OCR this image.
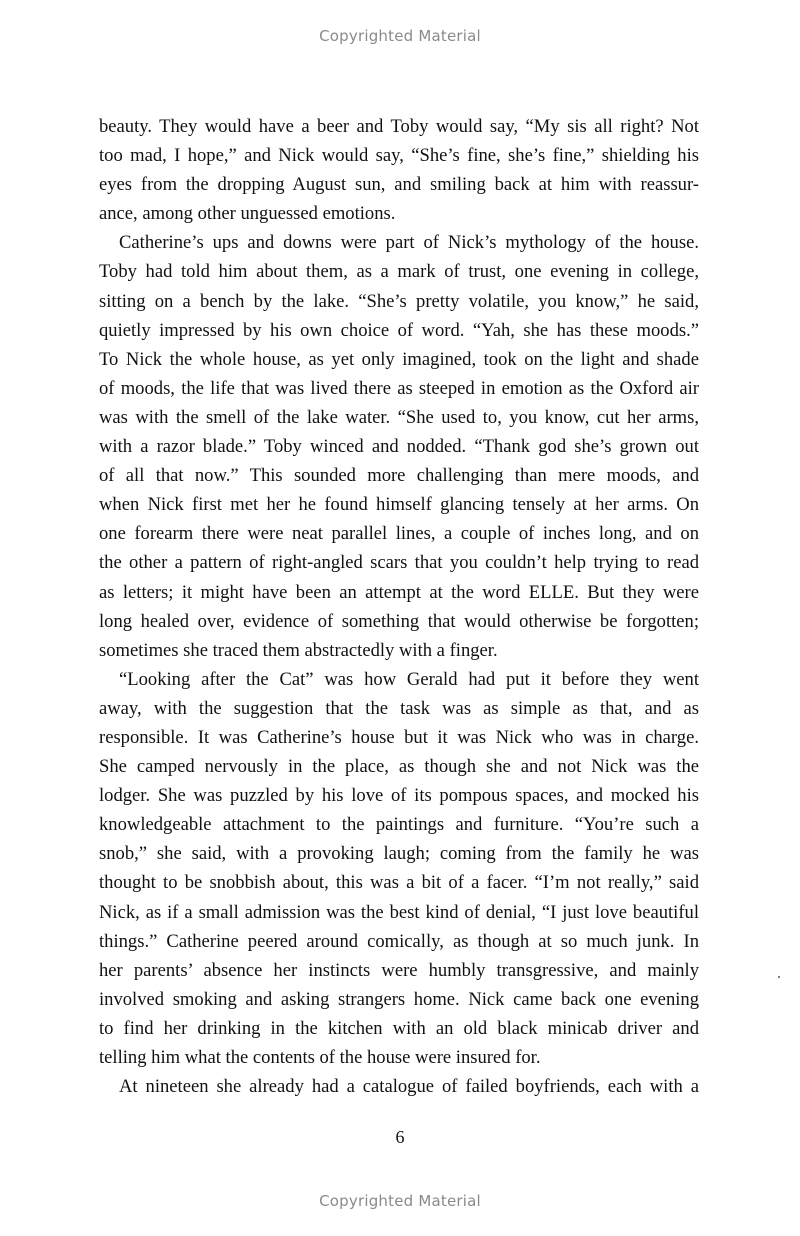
Copyrighted Material
beauty. They would have a beer and Toby would say, “My sis all right? Not
too mad, I hope,” and Nick would say, “She’s fine, she’s fine,” shielding his
eyes from the dropping August sun, and smiling back at him with reassur-
ance, among other unguessed emotions.
Catherine’s ups and downs were part of Nick’s mythology of the house.
Toby had told him about them, as a mark of trust, one evening in college,
sitting on a bench by the lake. “She’s pretty volatile, you know,” he said,
quietly impressed by his own choice of word. “Yah, she has these moods.”
To Nick the whole house, as yet only imagined, took on the light and shade
of moods, the life that was lived there as steeped in emotion as the Oxford air
was with the smell of the lake water. “She used to, you know, cut her arms,
with a razor blade.” Toby winced and nodded. “Thank god she’s grown out
of all that now.” This sounded more challenging than mere moods, and
when Nick first met her he found himself glancing tensely at her arms. On
one forearm there were neat parallel lines, a couple of inches long, and on
the other a pattern of right-angled scars that you couldn’t help trying to read
as letters; it might have been an attempt at the word ELLE. But they were
long healed over, evidence of something that would otherwise be forgotten;
sometimes she traced them abstractedly with a finger.
“Looking after the Cat” was how Gerald had put it before they went
away, with the suggestion that the task was as simple as that, and as
responsible. It was Catherine’s house but it was Nick who was in charge.
She camped nervously in the place, as though she and not Nick was the
lodger. She was puzzled by his love of its pompous spaces, and mocked his
knowledgeable attachment to the paintings and furniture. “You’re such a
snob,” she said, with a provoking laugh; coming from the family he was
thought to be snobbish about, this was a bit of a facer. “I’m not really,” said
Nick, as if a small admission was the best kind of denial, “I just love beautiful
things.” Catherine peered around comically, as though at so much junk. In
her parents’ absence her instincts were humbly transgressive, and mainly
involved smoking and asking strangers home. Nick came back one evening
to find her drinking in the kitchen with an old black minicab driver and
telling him what the contents of the house were insured for.
At nineteen she already had a catalogue of failed boyfriends, each with a
6
Copyrighted Material
